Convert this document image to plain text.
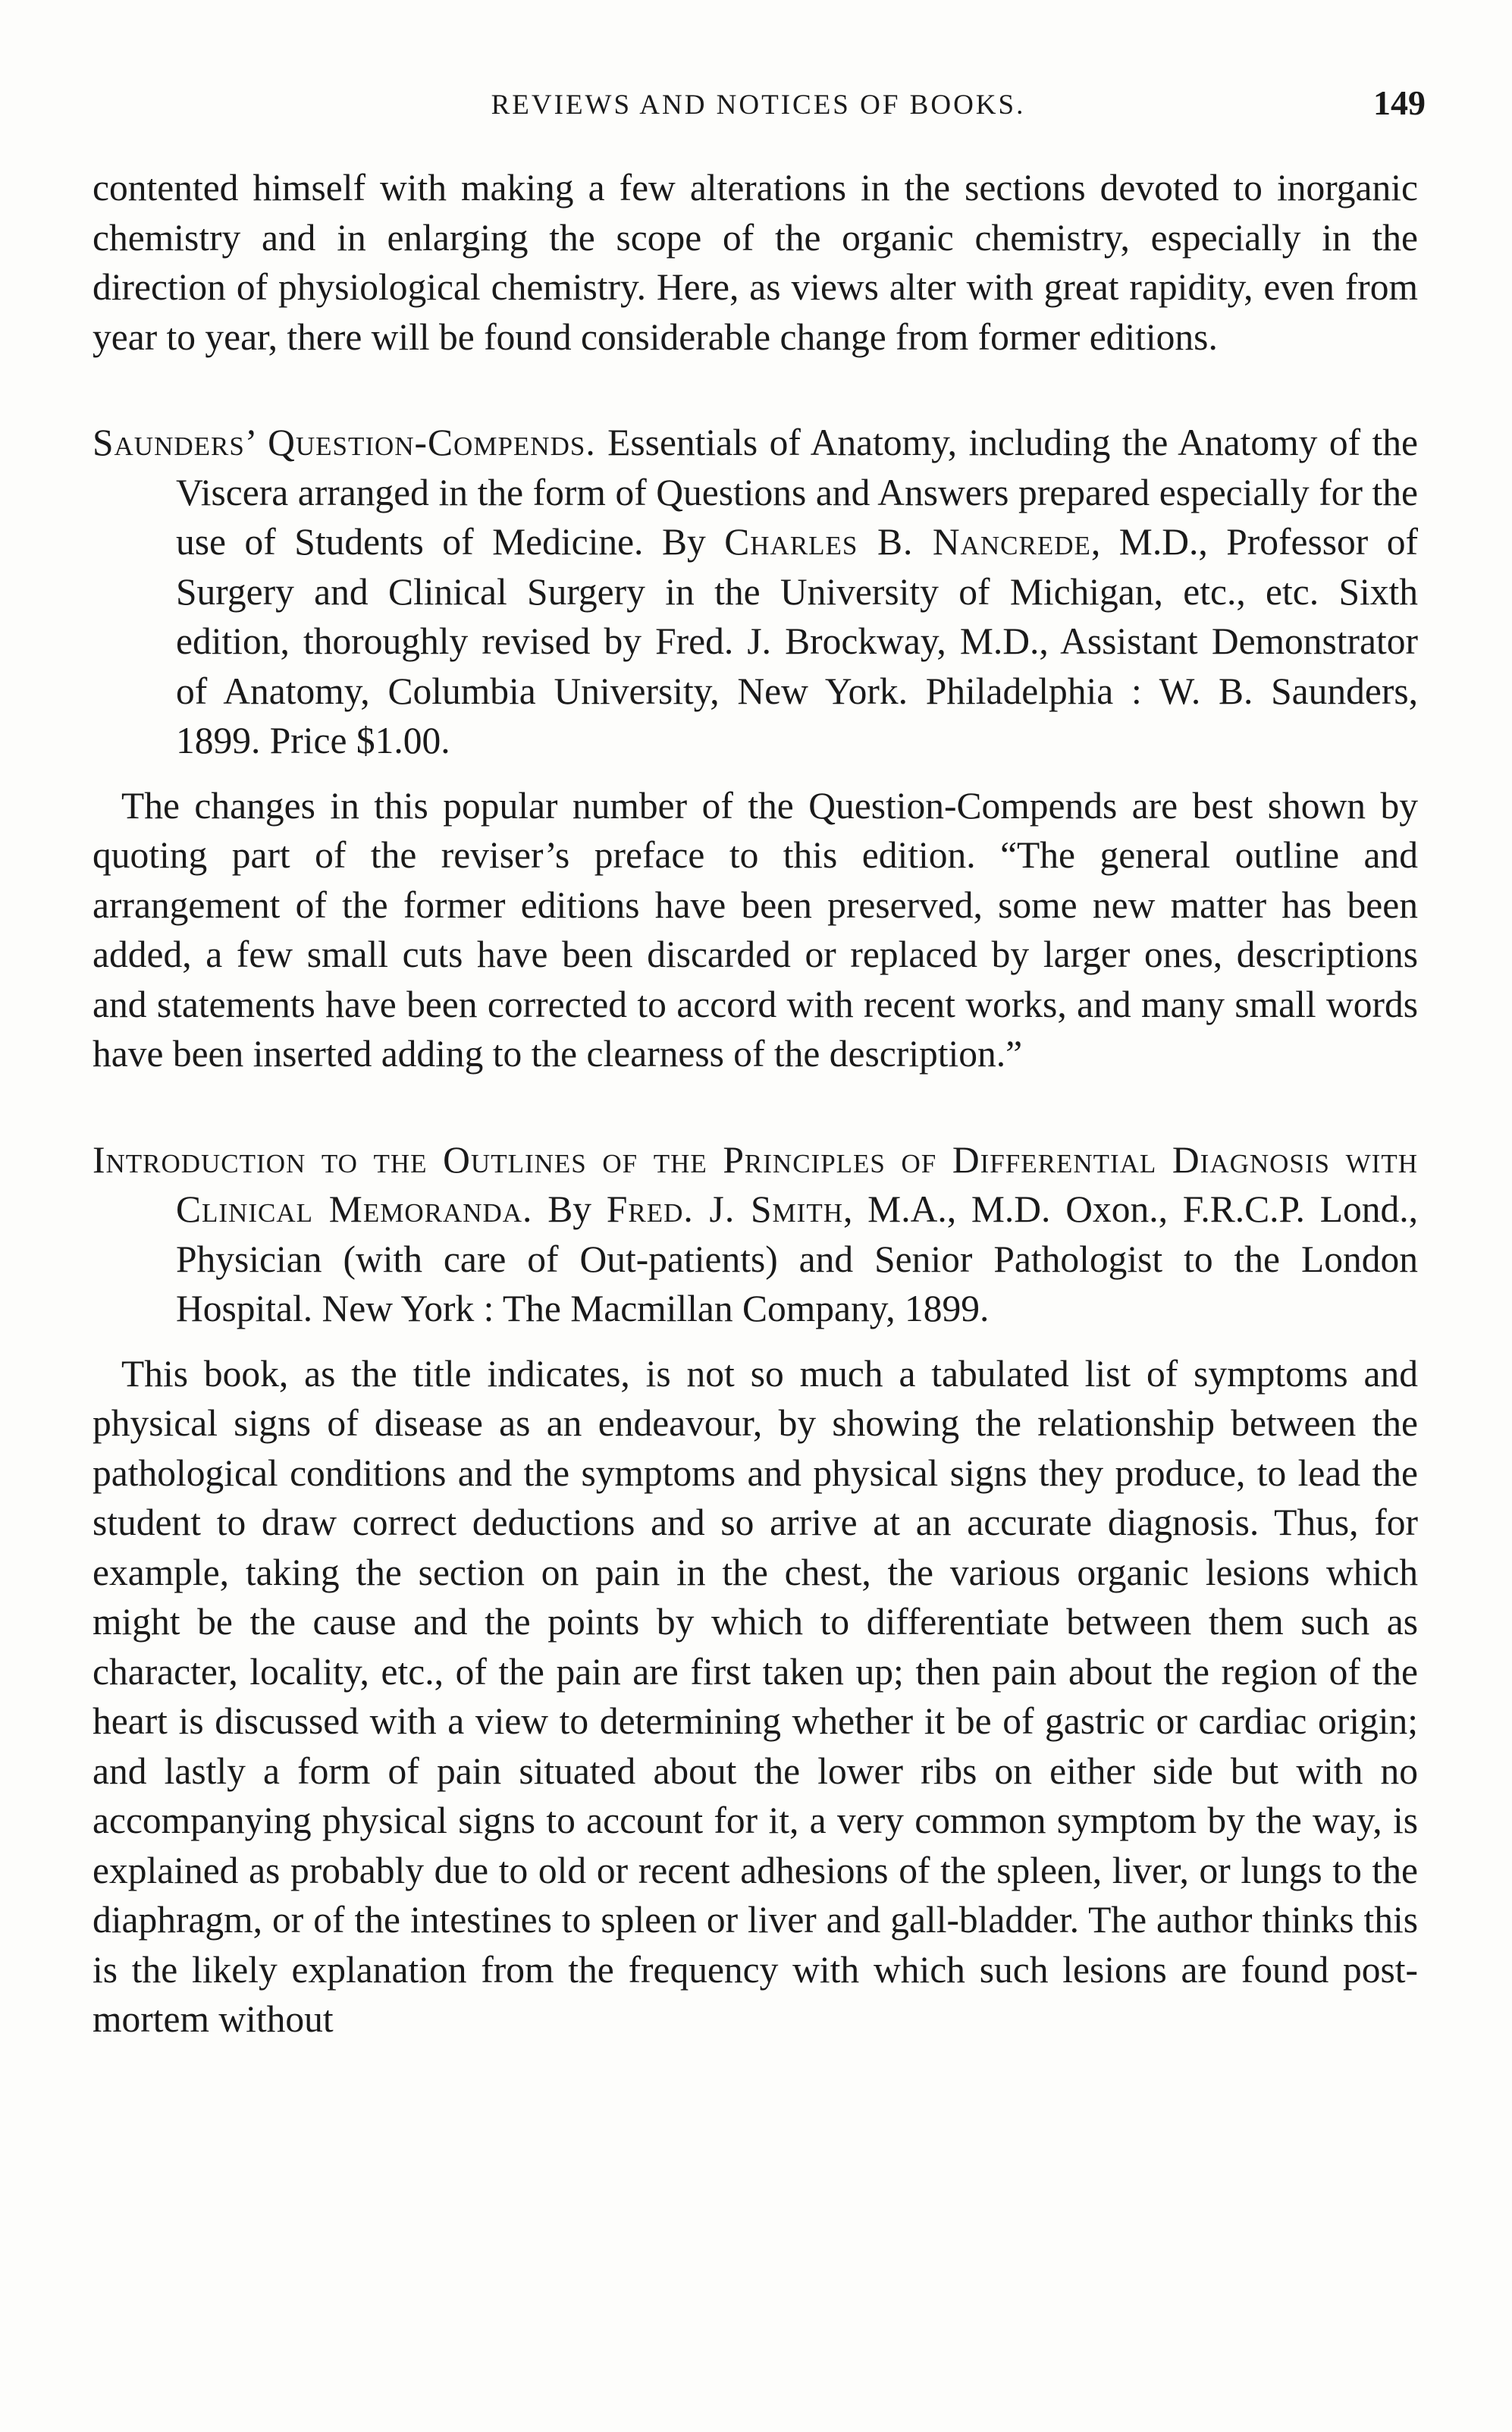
REVIEWS AND NOTICES OF BOOKS.	149

contented himself with making a few alterations in the sections devoted to inorganic chemistry and in enlarging the scope of the organic chemistry, especially in the direction of physiological chemistry. Here, as views alter with great rapidity, even from year to year, there will be found considerable change from former editions.

Saunders’ Question-Compends. Essentials of Anatomy, including the Anatomy of the Viscera arranged in the form of Questions and Answers prepared especially for the use of Students of Medicine. By Charles B. Nancrede, M.D., Professor of Surgery and Clinical Surgery in the University of Michigan, etc., etc. Sixth edition, thoroughly revised by Fred. J. Brockway, M.D., Assistant Demonstrator of Anatomy, Columbia University, New York. Philadelphia : W. B. Saunders, 1899. Price $1.00.

The changes in this popular number of the Question-Compends are best shown by quoting part of the reviser’s preface to this edition. “The general outline and arrangement of the former editions have been preserved, some new matter has been added, a few small cuts have been discarded or replaced by larger ones, descriptions and statements have been corrected to accord with recent works, and many small words have been inserted adding to the clearness of the description.”

Introduction to the Outlines of the Principles of Differential Diagnosis with Clinical Memoranda. By Fred. J. Smith, M.A., M.D. Oxon., F.R.C.P. Lond., Physician (with care of Out-patients) and Senior Pathologist to the London Hospital. New York : The Macmillan Company, 1899.

This book, as the title indicates, is not so much a tabulated list of symptoms and physical signs of disease as an endeavour, by showing the relationship between the pathological conditions and the symptoms and physical signs they produce, to lead the student to draw correct deductions and so arrive at an accurate diagnosis. Thus, for example, taking the section on pain in the chest, the various organic lesions which might be the cause and the points by which to differentiate between them such as character, locality, etc., of the pain are first taken up; then pain about the region of the heart is discussed with a view to determining whether it be of gastric or cardiac origin; and lastly a form of pain situated about the lower ribs on either side but with no accompanying physical signs to account for it, a very common symptom by the way, is explained as probably due to old or recent adhesions of the spleen, liver, or lungs to the diaphragm, or of the intestines to spleen or liver and gall-bladder. The author thinks this is the likely explanation from the frequency with which such lesions are found post-mortem without
